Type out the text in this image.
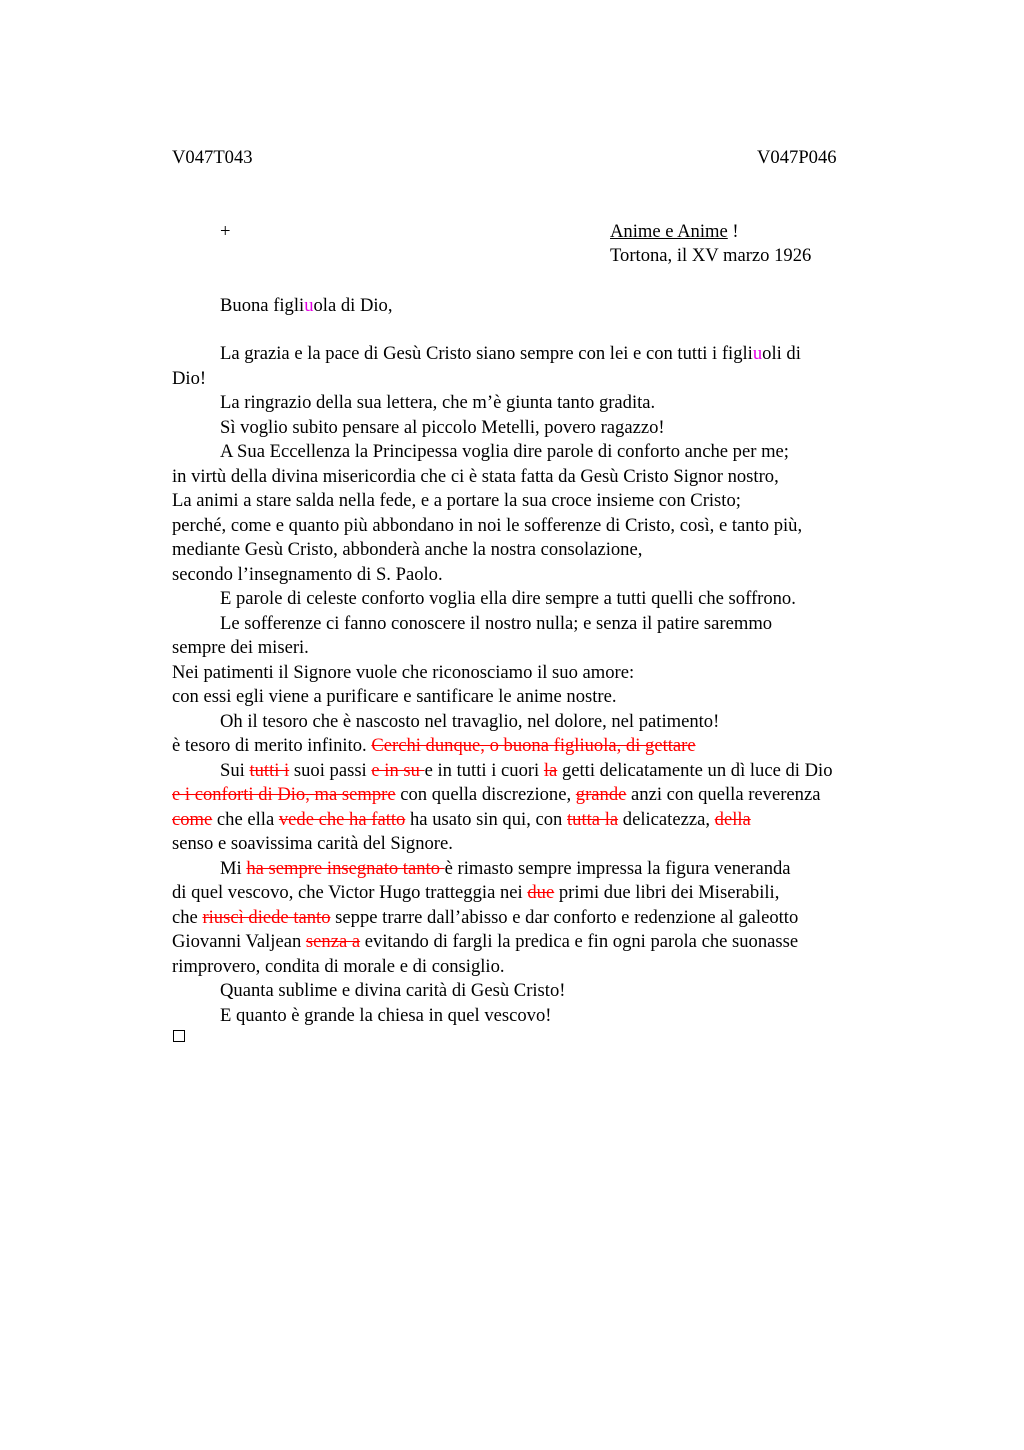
V047T043	V047P046
+	Anime e Anime !
Tortona, il XV marzo 1926
Buona figliuola di Dio,
La grazia e la pace di Gesù Cristo siano sempre con lei e con tutti i figliuoli di
Dio!
La ringrazio della sua lettera, che m’è giunta tanto gradita.
Sì voglio subito pensare al piccolo Metelli, povero ragazzo!
A Sua Eccellenza la Principessa voglia dire parole di conforto anche per me;
in virtù della divina misericordia che ci è stata fatta da Gesù Cristo Signor nostro,
La animi a stare salda nella fede, e a portare la sua croce insieme con Cristo;
perché, come e quanto più abbondano in noi le sofferenze di Cristo, così, e tanto più,
mediante Gesù Cristo, abbonderà anche la nostra consolazione,
secondo l’insegnamento di S. Paolo.
E parole di celeste conforto voglia ella dire sempre a tutti quelli che soffrono.
Le sofferenze ci fanno conoscere il nostro nulla; e senza il patire saremmo
sempre dei miseri.
Nei patimenti il Signore vuole che riconosciamo il suo amore:
con essi egli viene a purificare e santificare le anime nostre.
Oh il tesoro che è nascosto nel travaglio, nel dolore, nel patimento!
è tesoro di merito infinito. Cerchi dunque, o buona figliuola, di gettare
Sui tutti i suoi passi e in su e in tutti i cuori la getti delicatamente un dì luce di Dio
e i conforti di Dio, ma sempre con quella discrezione, grande anzi con quella reverenza
come che ella vede che ha fatto ha usato sin qui, con tutta la delicatezza, della
senso e soavissima carità del Signore.
Mi ha sempre insegnato tanto è rimasto sempre impressa la figura veneranda
di quel vescovo, che Victor Hugo tratteggia nei due primi due libri dei Miserabili,
che riuscì diede tanto seppe trarre dall’abisso e dar conforto e redenzione al galeotto
Giovanni Valjean senza a evitando di fargli la predica e fin ogni parola che suonasse
rimprovero, condita di morale e di consiglio.
Quanta sublime e divina carità di Gesù Cristo!
E quanto è grande la chiesa in quel vescovo!
